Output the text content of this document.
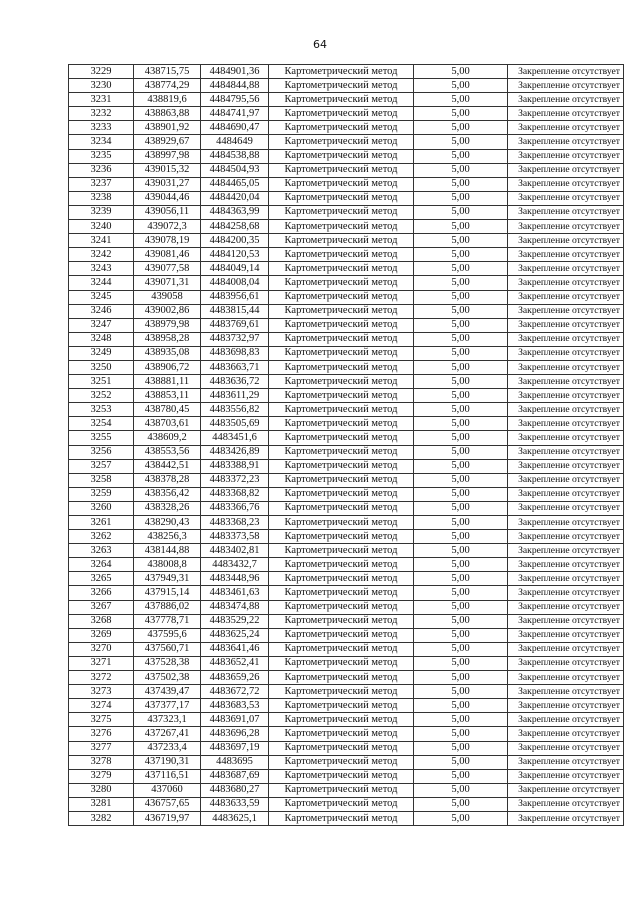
64
3229	438715,75	4484901,36	Картометрический метод	5,00	Закрепление отсутствует
3230	438774,29	4484844,88	Картометрический метод	5,00	Закрепление отсутствует
3231	438819,6	4484795,56	Картометрический метод	5,00	Закрепление отсутствует
3232	438863,88	4484741,97	Картометрический метод	5,00	Закрепление отсутствует
3233	438901,92	4484690,47	Картометрический метод	5,00	Закрепление отсутствует
3234	438929,67	4484649	Картометрический метод	5,00	Закрепление отсутствует
3235	438997,98	4484538,88	Картометрический метод	5,00	Закрепление отсутствует
3236	439015,32	4484504,93	Картометрический метод	5,00	Закрепление отсутствует
3237	439031,27	4484465,05	Картометрический метод	5,00	Закрепление отсутствует
3238	439044,46	4484420,04	Картометрический метод	5,00	Закрепление отсутствует
3239	439056,11	4484363,99	Картометрический метод	5,00	Закрепление отсутствует
3240	439072,3	4484258,68	Картометрический метод	5,00	Закрепление отсутствует
3241	439078,19	4484200,35	Картометрический метод	5,00	Закрепление отсутствует
3242	439081,46	4484120,53	Картометрический метод	5,00	Закрепление отсутствует
3243	439077,58	4484049,14	Картометрический метод	5,00	Закрепление отсутствует
3244	439071,31	4484008,04	Картометрический метод	5,00	Закрепление отсутствует
3245	439058	4483956,61	Картометрический метод	5,00	Закрепление отсутствует
3246	439002,86	4483815,44	Картометрический метод	5,00	Закрепление отсутствует
3247	438979,98	4483769,61	Картометрический метод	5,00	Закрепление отсутствует
3248	438958,28	4483732,97	Картометрический метод	5,00	Закрепление отсутствует
3249	438935,08	4483698,83	Картометрический метод	5,00	Закрепление отсутствует
3250	438906,72	4483663,71	Картометрический метод	5,00	Закрепление отсутствует
3251	438881,11	4483636,72	Картометрический метод	5,00	Закрепление отсутствует
3252	438853,11	4483611,29	Картометрический метод	5,00	Закрепление отсутствует
3253	438780,45	4483556,82	Картометрический метод	5,00	Закрепление отсутствует
3254	438703,61	4483505,69	Картометрический метод	5,00	Закрепление отсутствует
3255	438609,2	4483451,6	Картометрический метод	5,00	Закрепление отсутствует
3256	438553,56	4483426,89	Картометрический метод	5,00	Закрепление отсутствует
3257	438442,51	4483388,91	Картометрический метод	5,00	Закрепление отсутствует
3258	438378,28	4483372,23	Картометрический метод	5,00	Закрепление отсутствует
3259	438356,42	4483368,82	Картометрический метод	5,00	Закрепление отсутствует
3260	438328,26	4483366,76	Картометрический метод	5,00	Закрепление отсутствует
3261	438290,43	4483368,23	Картометрический метод	5,00	Закрепление отсутствует
3262	438256,3	4483373,58	Картометрический метод	5,00	Закрепление отсутствует
3263	438144,88	4483402,81	Картометрический метод	5,00	Закрепление отсутствует
3264	438008,8	4483432,7	Картометрический метод	5,00	Закрепление отсутствует
3265	437949,31	4483448,96	Картометрический метод	5,00	Закрепление отсутствует
3266	437915,14	4483461,63	Картометрический метод	5,00	Закрепление отсутствует
3267	437886,02	4483474,88	Картометрический метод	5,00	Закрепление отсутствует
3268	437778,71	4483529,22	Картометрический метод	5,00	Закрепление отсутствует
3269	437595,6	4483625,24	Картометрический метод	5,00	Закрепление отсутствует
3270	437560,71	4483641,46	Картометрический метод	5,00	Закрепление отсутствует
3271	437528,38	4483652,41	Картометрический метод	5,00	Закрепление отсутствует
3272	437502,38	4483659,26	Картометрический метод	5,00	Закрепление отсутствует
3273	437439,47	4483672,72	Картометрический метод	5,00	Закрепление отсутствует
3274	437377,17	4483683,53	Картометрический метод	5,00	Закрепление отсутствует
3275	437323,1	4483691,07	Картометрический метод	5,00	Закрепление отсутствует
3276	437267,41	4483696,28	Картометрический метод	5,00	Закрепление отсутствует
3277	437233,4	4483697,19	Картометрический метод	5,00	Закрепление отсутствует
3278	437190,31	4483695	Картометрический метод	5,00	Закрепление отсутствует
3279	437116,51	4483687,69	Картометрический метод	5,00	Закрепление отсутствует
3280	437060	4483680,27	Картометрический метод	5,00	Закрепление отсутствует
3281	436757,65	4483633,59	Картометрический метод	5,00	Закрепление отсутствует
3282	436719,97	4483625,1	Картометрический метод	5,00	Закрепление отсутствует
